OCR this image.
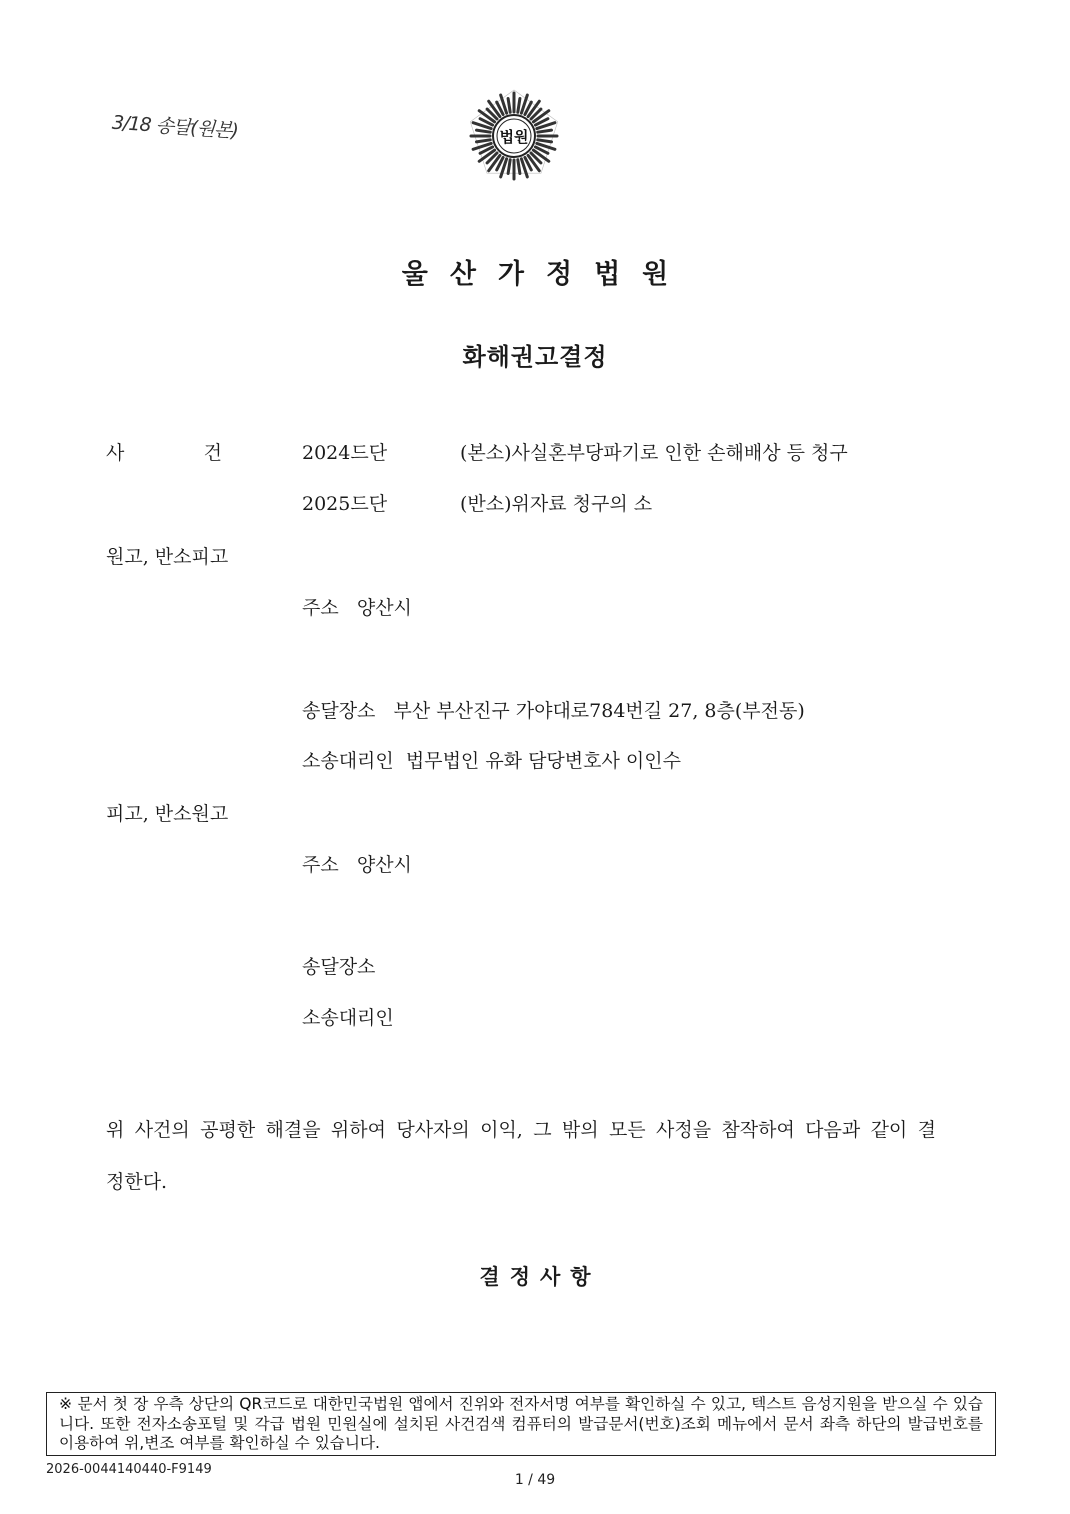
3/18 송달(원본)	법원
울산가정법원
화해권고결정
사	건	2024드단	(본소)사실혼부당파기로 인한 손해배상 등 청구
2025드단	(반소)위자료 청구의 소
원고, 반소피고
주소 양산시
송달장소 부산 부산진구 가야대로784번길 27, 8층(부전동)
소송대리인 법무법인 유화 담당변호사 이인수
피고, 반소원고
주소 양산시
송달장소
소송대리인
위 사건의 공평한 해결을 위하여 당사자의 이익, 그 밖의 모든 사정을 참작하여 다음과 같이 결정한다.
결정사항
※ 문서 첫 장 우측 상단의 QR코드로 대한민국법원 앱에서 진위와 전자서명 여부를 확인하실 수 있고, 텍스트 음성지원을 받으실 수 있습니다. 또한 전자소송포털 및 각급 법원 민원실에 설치된 사건검색 컴퓨터의 발급문서(번호)조회 메뉴에서 문서 좌측 하단의 발급번호를 이용하여 위,변조 여부를 확인하실 수 있습니다.
2026-0044140440-F9149
1 / 49
